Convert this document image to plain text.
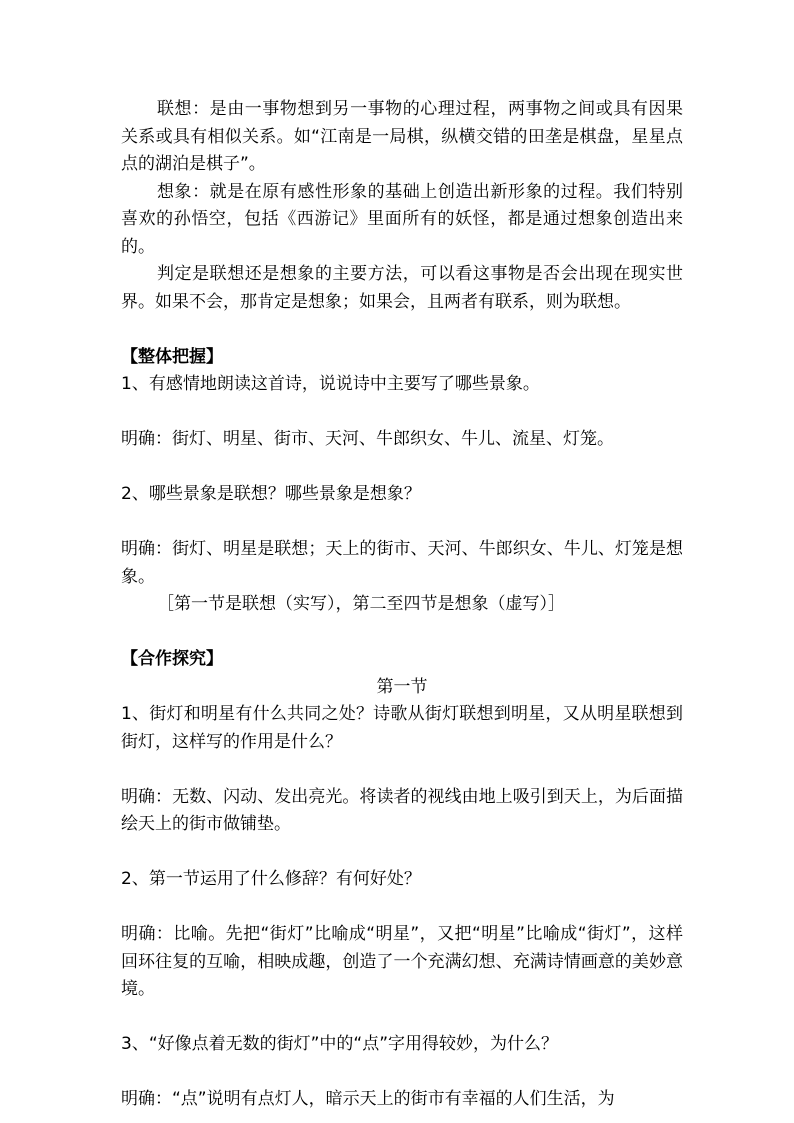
联想：是由一事物想到另一事物的心理过程，两事物之间或具有因果关系或具有相似关系。如“江南是一局棋，纵横交错的田垄是棋盘，星星点点的湖泊是棋子”。

想象：就是在原有感性形象的基础上创造出新形象的过程。我们特别喜欢的孙悟空，包括《西游记》里面所有的妖怪，都是通过想象创造出来的。

判定是联想还是想象的主要方法，可以看这事物是否会出现在现实世界。如果不会，那肯定是想象；如果会，且两者有联系，则为联想。

【整体把握】

1、有感情地朗读这首诗，说说诗中主要写了哪些景象。

明确：街灯、明星、街市、天河、牛郎织女、牛儿、流星、灯笼。

2、哪些景象是联想？哪些景象是想象？

明确：街灯、明星是联想；天上的街市、天河、牛郎织女、牛儿、灯笼是想象。

［第一节是联想（实写），第二至四节是想象（虚写）］

【合作探究】

第一节

1、街灯和明星有什么共同之处？诗歌从街灯联想到明星，又从明星联想到街灯，这样写的作用是什么？

明确：无数、闪动、发出亮光。将读者的视线由地上吸引到天上，为后面描绘天上的街市做铺垫。

2、第一节运用了什么修辞？有何好处？

明确：比喻。先把“街灯”比喻成“明星”，又把“明星”比喻成“街灯”，这样回环往复的互喻，相映成趣，创造了一个充满幻想、充满诗情画意的美妙意境。

3、“好像点着无数的街灯”中的“点”字用得较妙，为什么？

明确：“点”说明有点灯人，暗示天上的街市有幸福的人们生活，为
